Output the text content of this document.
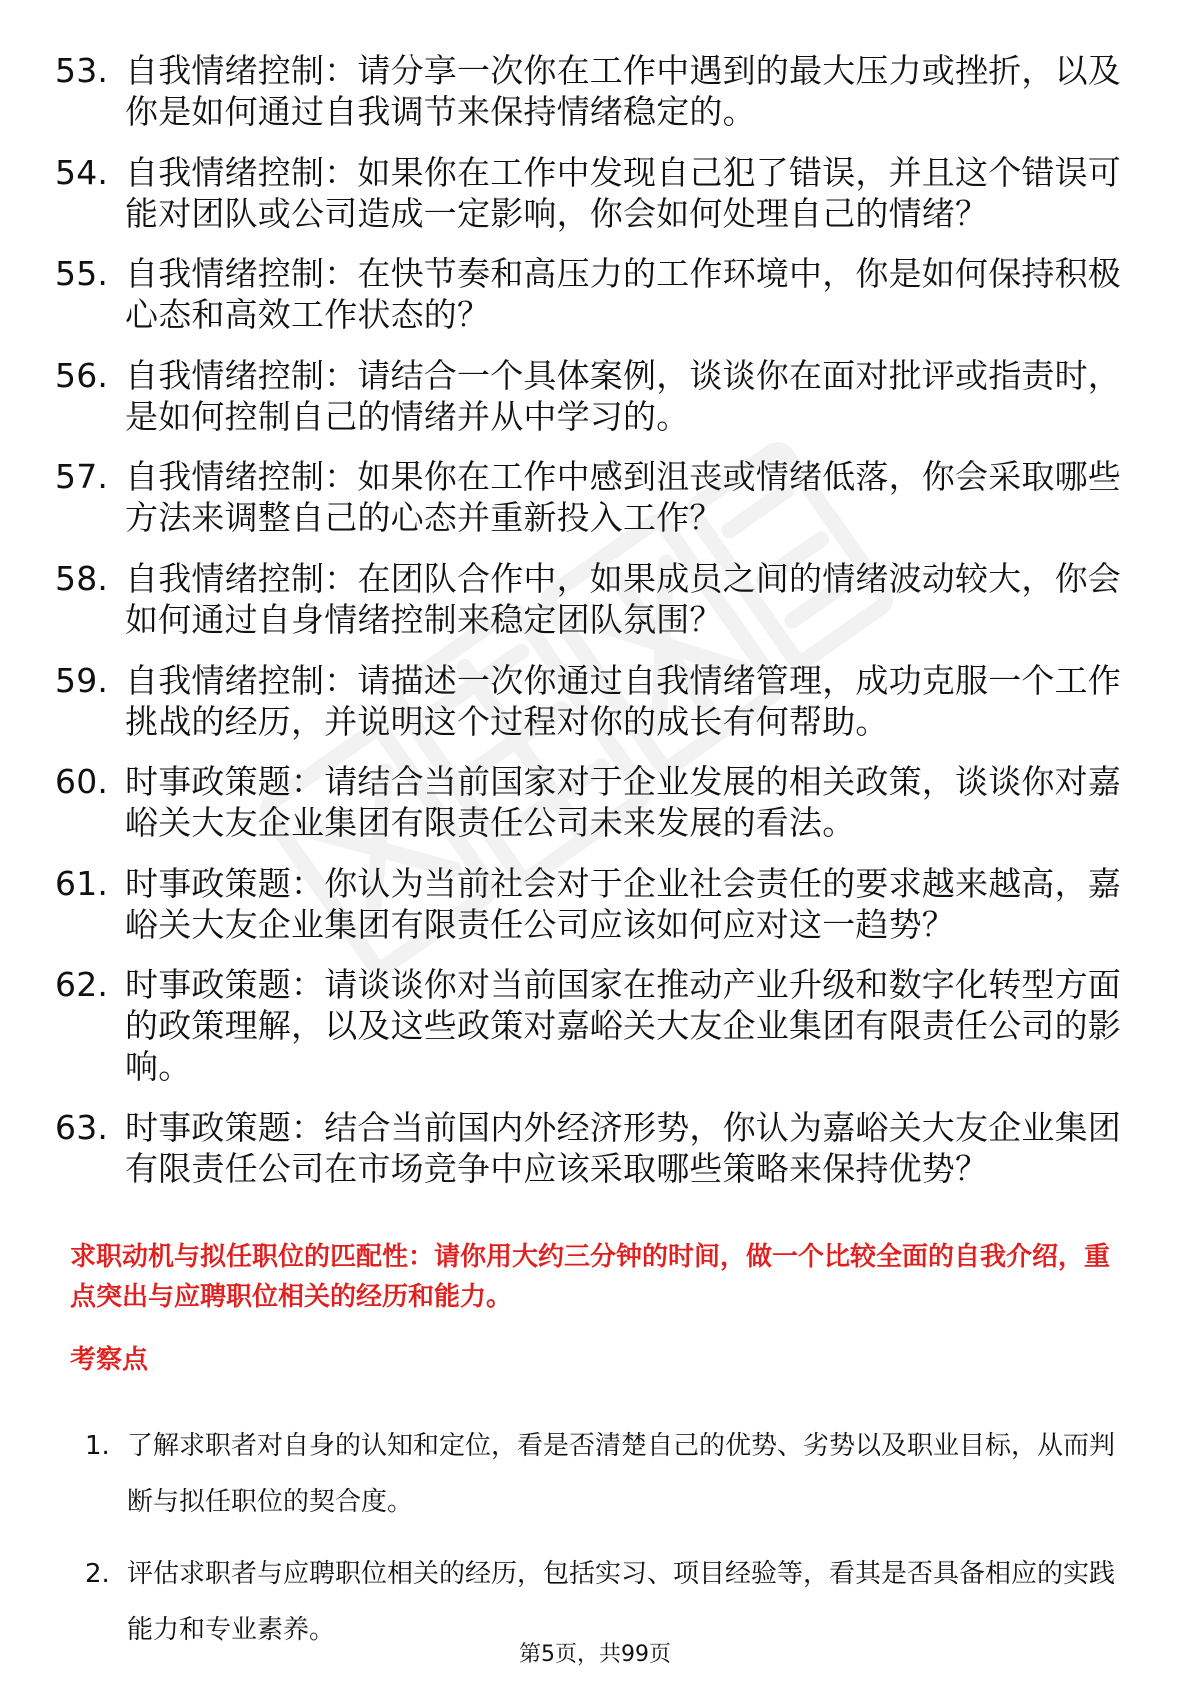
53. 自我情绪控制：请分享一次你在工作中遇到的最大压力或挫折，以及你是如何通过自我调节来保持情绪稳定的。
54. 自我情绪控制：如果你在工作中发现自己犯了错误，并且这个错误可能对团队或公司造成一定影响，你会如何处理自己的情绪？
55. 自我情绪控制：在快节奏和高压力的工作环境中，你是如何保持积极心态和高效工作状态的？
56. 自我情绪控制：请结合一个具体案例，谈谈你在面对批评或指责时，是如何控制自己的情绪并从中学习的。
57. 自我情绪控制：如果你在工作中感到沮丧或情绪低落，你会采取哪些方法来调整自己的心态并重新投入工作？
58. 自我情绪控制：在团队合作中，如果成员之间的情绪波动较大，你会如何通过自身情绪控制来稳定团队氛围？
59. 自我情绪控制：请描述一次你通过自我情绪管理，成功克服一个工作挑战的经历，并说明这个过程对你的成长有何帮助。
60. 时事政策题：请结合当前国家对于企业发展的相关政策，谈谈你对嘉峪关大友企业集团有限责任公司未来发展的看法。
61. 时事政策题：你认为当前社会对于企业社会责任的要求越来越高，嘉峪关大友企业集团有限责任公司应该如何应对这一趋势？
62. 时事政策题：请谈谈你对当前国家在推动产业升级和数字化转型方面的政策理解，以及这些政策对嘉峪关大友企业集团有限责任公司的影响。
63. 时事政策题：结合当前国内外经济形势，你认为嘉峪关大友企业集团有限责任公司在市场竞争中应该采取哪些策略来保持优势？

求职动机与拟任职位的匹配性：请你用大约三分钟的时间，做一个比较全面的自我介绍，重点突出与应聘职位相关的经历和能力。

考察点

1. 了解求职者对自身的认知和定位，看是否清楚自己的优势、劣势以及职业目标，从而判断与拟任职位的契合度。
2. 评估求职者与应聘职位相关的经历，包括实习、项目经验等，看其是否具备相应的实践能力和专业素养。

第5页，共99页
